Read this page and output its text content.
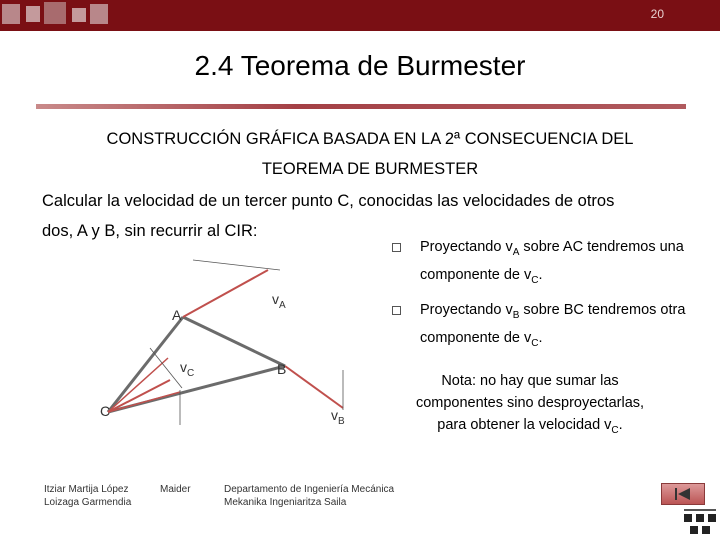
20
2.4 Teorema de Burmester
CONSTRUCCIÓN GRÁFICA BASADA EN LA 2ª CONSECUENCIA DEL
TEOREMA DE BURMESTER
Calcular la velocidad de un tercer punto C, conocidas las velocidades de otros
dos, A y B, sin recurrir al CIR:
A
B
C
$v_A$
$v_B$
$v_C$
Proyectando $v_A$ sobre AC tendremos una componente de $v_C$.
Proyectando $v_B$ sobre BC tendremos otra componente de $v_C$.
Nota: no hay que sumar las
componentes sino desproyectarlas,
para obtener la velocidad $v_C$.
Itziar Martija López
Loizaga Garmendia
Maider	Departamento de Ingeniería Mecánica
Mekanika Ingeniaritza Saila
